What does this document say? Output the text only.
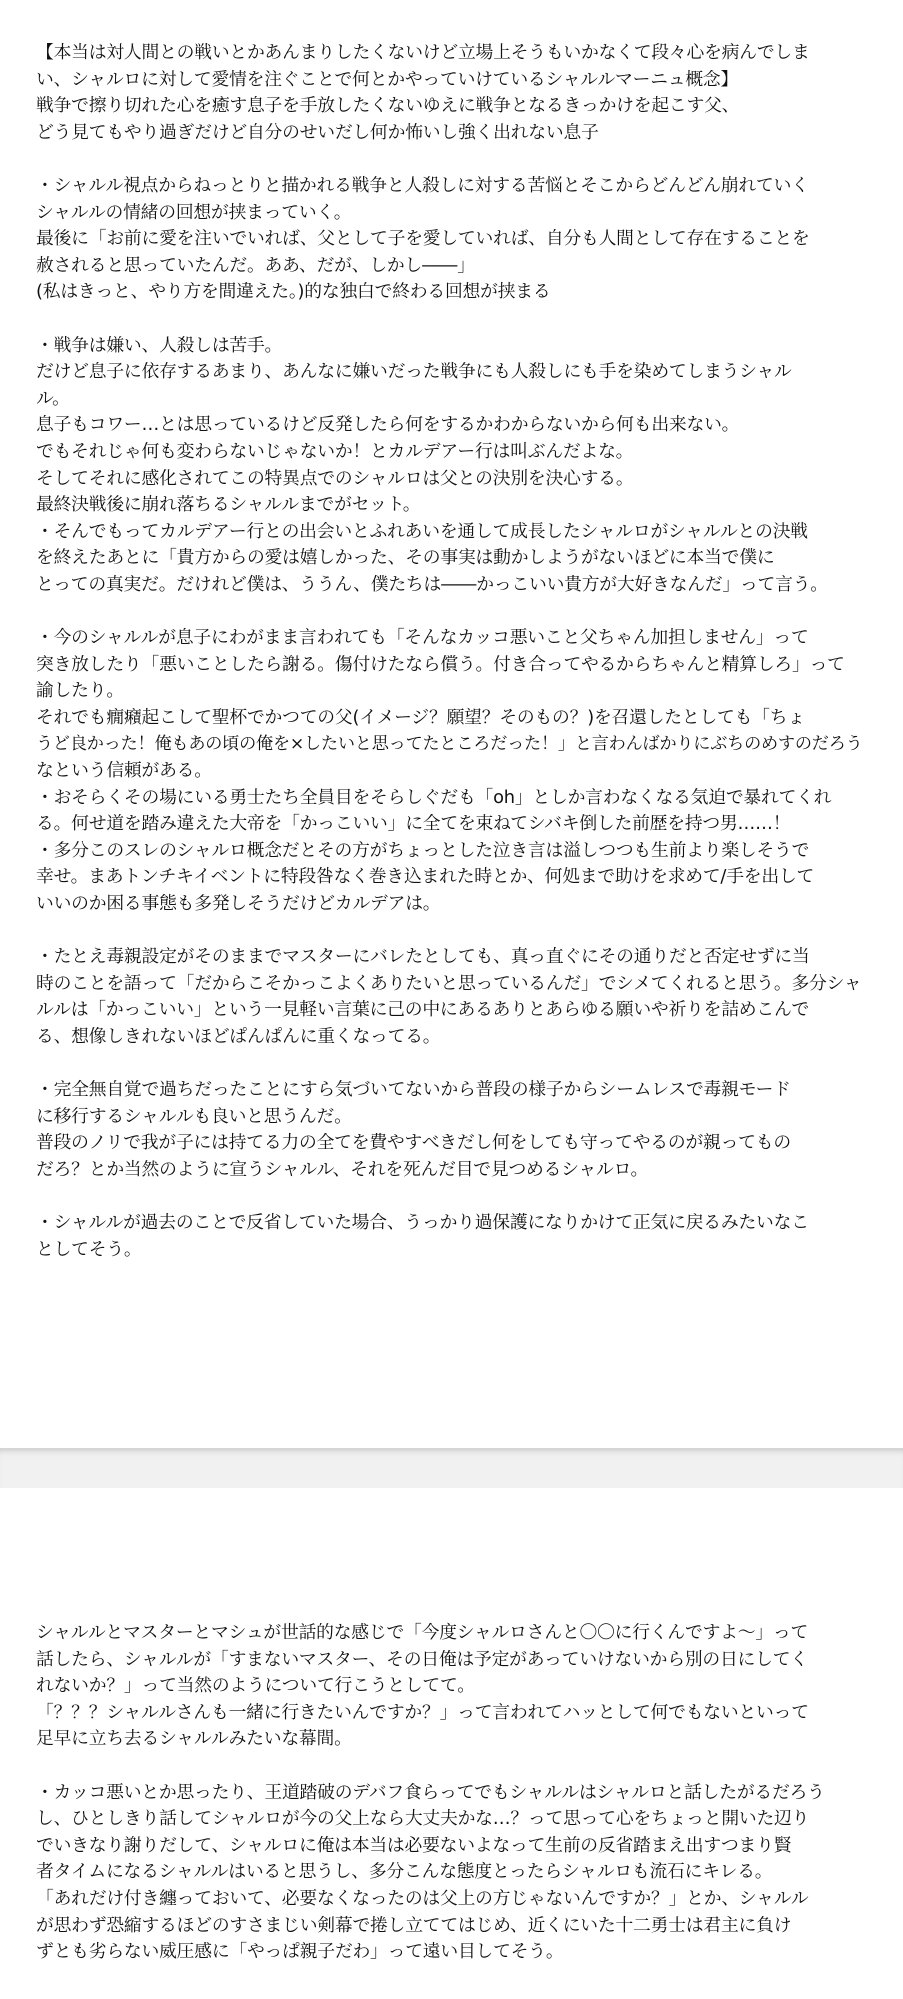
【本当は対人間との戦いとかあんまりしたくないけど立場上そうもいかなくて段々心を病んでしま
い、シャルロに対して愛情を注ぐことで何とかやっていけているシャルルマーニュ概念】
戦争で擦り切れた心を癒す息子を手放したくないゆえに戦争となるきっかけを起こす父、
どう見てもやり過ぎだけど自分のせいだし何か怖いし強く出れない息子
・シャルル視点からねっとりと描かれる戦争と人殺しに対する苦悩とそこからどんどん崩れていく
シャルルの情緒の回想が挟まっていく。
最後に「お前に愛を注いでいれば、父として子を愛していれば、自分も人間として存在することを
赦されると思っていたんだ。ああ、だが、しかし――」
(私はきっと、やり方を間違えた。)的な独白で終わる回想が挟まる
・戦争は嫌い、人殺しは苦手。
だけど息子に依存するあまり、あんなに嫌いだった戦争にも人殺しにも手を染めてしまうシャル
ル。
息子もコワー…とは思っているけど反発したら何をするかわからないから何も出来ない。
でもそれじゃ何も変わらないじゃないか！とカルデアー行は叫ぶんだよな。
そしてそれに感化されてこの特異点でのシャルロは父との決別を決心する。
最終決戦後に崩れ落ちるシャルルまでがセット。
・そんでもってカルデアー行との出会いとふれあいを通して成長したシャルロがシャルルとの決戦
を終えたあとに「貴方からの愛は嬉しかった、その事実は動かしようがないほどに本当で僕に
とっての真実だ。だけれど僕は、ううん、僕たちは――かっこいい貴方が大好きなんだ」って言う。
・今のシャルルが息子にわがまま言われても「そんなカッコ悪いこと父ちゃん加担しません」って
突き放したり「悪いことしたら謝る。傷付けたなら償う。付き合ってやるからちゃんと精算しろ」って
諭したり。
それでも癇癪起こして聖杯でかつての父(イメージ？願望？そのもの？)を召還したとしても「ちょ
うど良かった！俺もあの頃の俺を×したいと思ってたところだった！」と言わんばかりにぶちのめすのだろう
なという信頼がある。
・おそらくその場にいる勇士たち全員目をそらしぐだも「oh」としか言わなくなる気迫で暴れてくれ
る。何せ道を踏み違えた大帝を「かっこいい」に全てを束ねてシバキ倒した前歴を持つ男……！
・多分このスレのシャルロ概念だとその方がちょっとした泣き言は溢しつつも生前より楽しそうで
幸せ。まあトンチキイベントに特段咎なく巻き込まれた時とか、何処まで助けを求めて/手を出して
いいのか困る事態も多発しそうだけどカルデアは。
・たとえ毒親設定がそのままでマスターにバレたとしても、真っ直ぐにその通りだと否定せずに当
時のことを語って「だからこそかっこよくありたいと思っているんだ」でシメてくれると思う。多分シャ
ルルは「かっこいい」という一見軽い言葉に己の中にあるありとあらゆる願いや祈りを詰めこんで
る、想像しきれないほどぱんぱんに重くなってる。
・完全無自覚で過ちだったことにすら気づいてないから普段の様子からシームレスで毒親モード
に移行するシャルルも良いと思うんだ。
普段のノリで我が子には持てる力の全てを費やすべきだし何をしても守ってやるのが親ってもの
だろ？とか当然のように宣うシャルル、それを死んだ目で見つめるシャルロ。
・シャルルが過去のことで反省していた場合、うっかり過保護になりかけて正気に戻るみたいなこ
としてそう。
シャルルとマスターとマシュが世話的な感じで「今度シャルロさんと〇〇に行くんですよ～」って
話したら、シャルルが「すまないマスター、その日俺は予定があっていけないから別の日にしてく
れないか？」って当然のようについて行こうとしてて。
「？？？シャルルさんも一緒に行きたいんですか？」って言われてハッとして何でもないといって
足早に立ち去るシャルルみたいな幕間。
・カッコ悪いとか思ったり、王道踏破のデバフ食らってでもシャルルはシャルロと話したがるだろう
し、ひとしきり話してシャルロが今の父上なら大丈夫かな…？って思って心をちょっと開いた辺り
でいきなり謝りだして、シャルロに俺は本当は必要ないよなって生前の反省踏まえ出すつまり賢
者タイムになるシャルルはいると思うし、多分こんな態度とったらシャルロも流石にキレる。
「あれだけ付き纏っておいて、必要なくなったのは父上の方じゃないんですか？」とか、シャルル
が思わず恐縮するほどのすさまじい剣幕で捲し立ててはじめ、近くにいた十二勇士は君主に負け
ずとも劣らない威圧感に「やっぱ親子だわ」って遠い目してそう。
